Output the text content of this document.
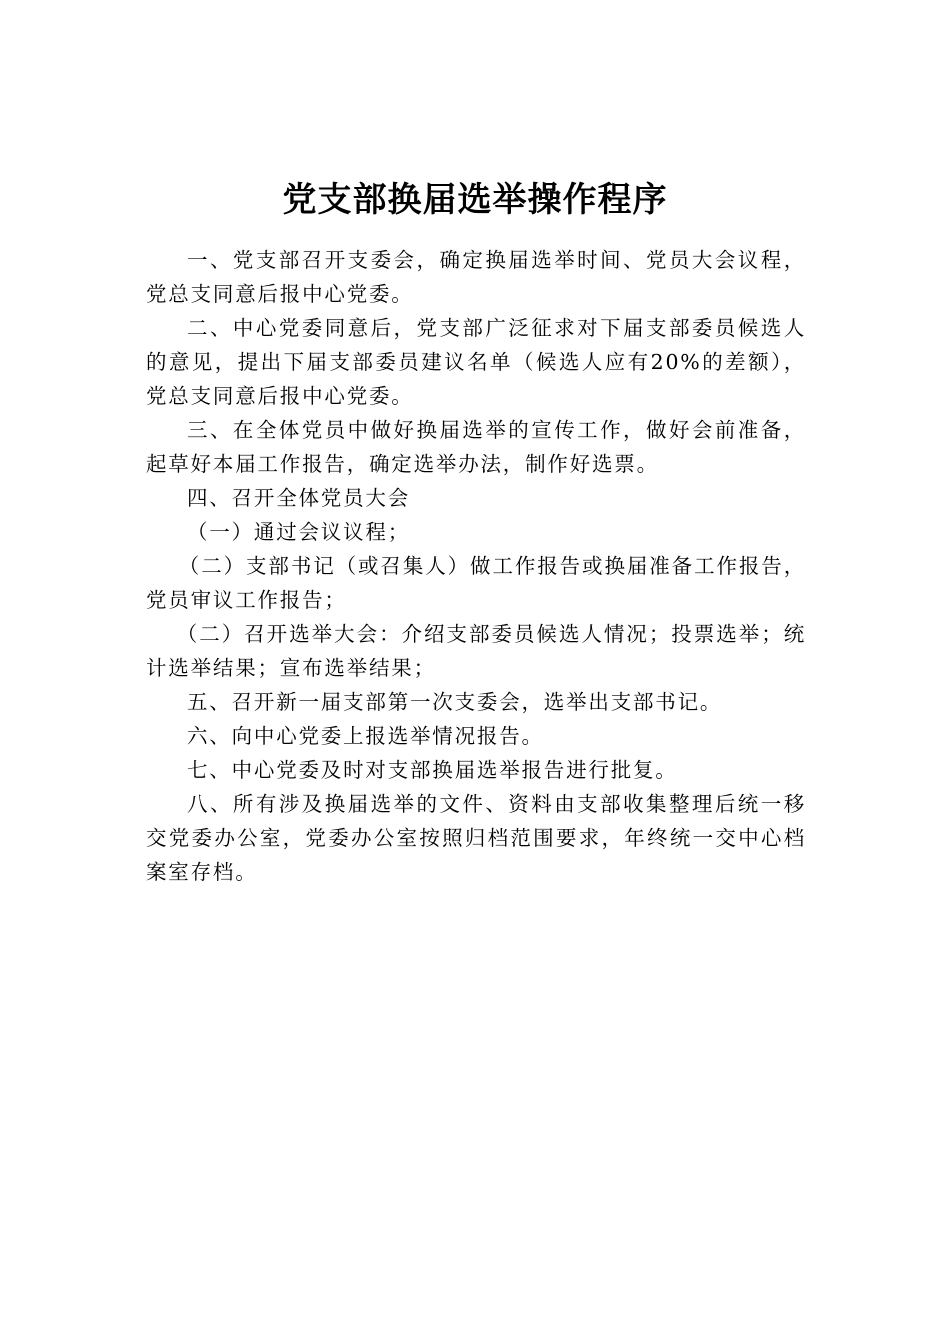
党支部换届选举操作程序

一、党支部召开支委会，确定换届选举时间、党员大会议程，党总支同意后报中心党委。

二、中心党委同意后，党支部广泛征求对下届支部委员候选人的意见，提出下届支部委员建议名单（候选人应有20%的差额），党总支同意后报中心党委。

三、在全体党员中做好换届选举的宣传工作，做好会前准备，起草好本届工作报告，确定选举办法，制作好选票。

四、召开全体党员大会

（一）通过会议议程；

（二）支部书记（或召集人）做工作报告或换届准备工作报告，党员审议工作报告；

（二）召开选举大会：介绍支部委员候选人情况；投票选举；统计选举结果；宣布选举结果；

五、召开新一届支部第一次支委会，选举出支部书记。

六、向中心党委上报选举情况报告。

七、中心党委及时对支部换届选举报告进行批复。

八、所有涉及换届选举的文件、资料由支部收集整理后统一移交党委办公室，党委办公室按照归档范围要求，年终统一交中心档案室存档。
